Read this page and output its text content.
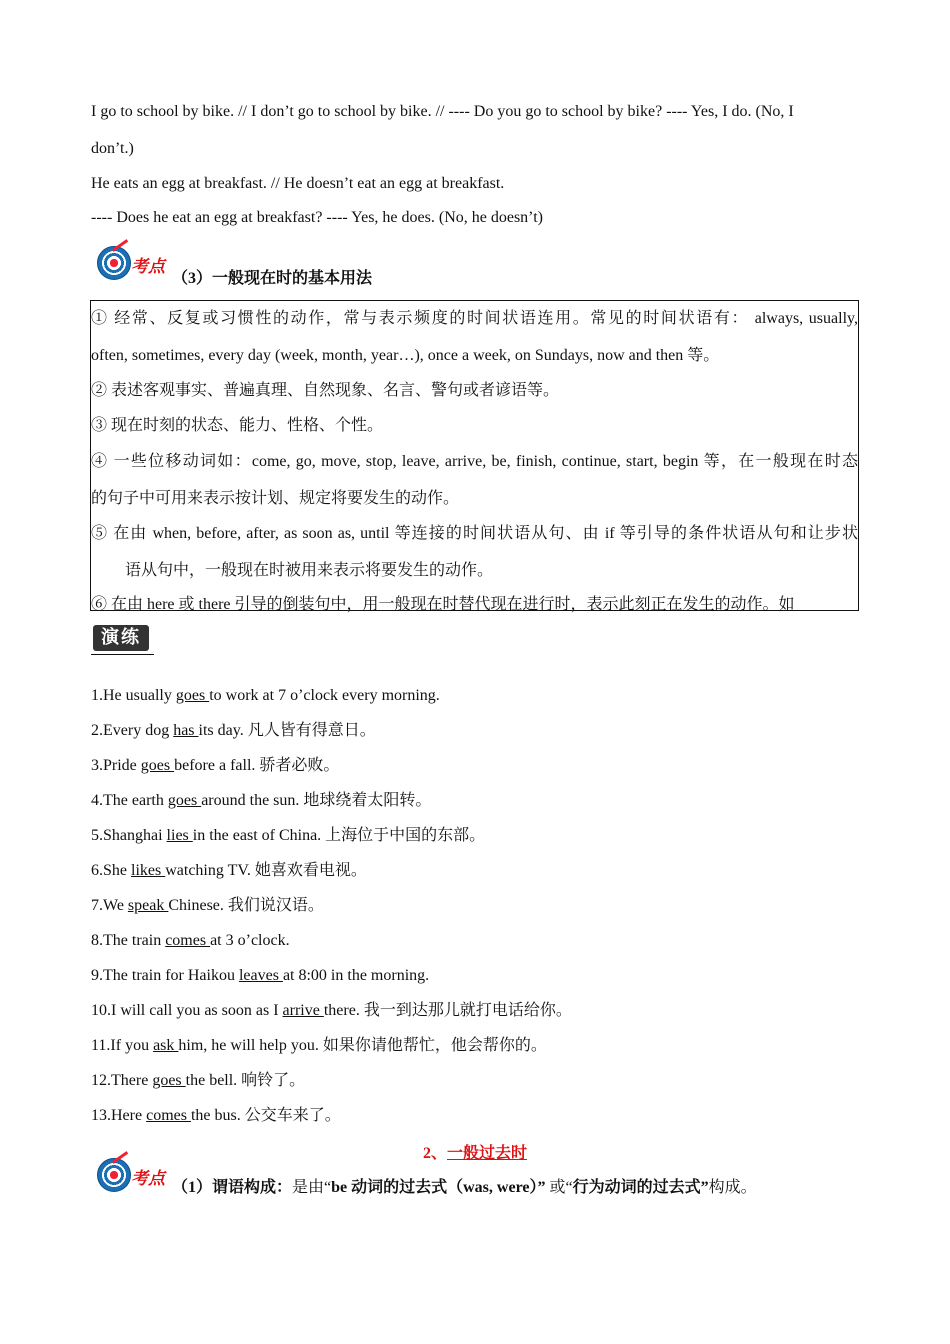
I go to school by bike. // I don’t go to school by bike. // ---- Do you go to school by bike? ---- Yes, I do. (No, I
don’t.)
He eats an egg at breakfast. // He doesn’t eat an egg at breakfast.
---- Does he eat an egg at breakfast? ---- Yes, he does. (No, he doesn’t)
考点
（3）一般现在时的基本用法
① 经常、反复或习惯性的动作，常与表示频度的时间状语连用。常见的时间状语有： always, usually,
often, sometimes, every day (week, month, year…), once a week, on Sundays, now and then 等。
② 表述客观事实、普遍真理、自然现象、名言、警句或者谚语等。
③ 现在时刻的状态、能力、性格、个性。
④ 一些位移动词如：come, go, move, stop, leave, arrive, be, finish, continue, start, begin 等，在一般现在时态
的句子中可用来表示按计划、规定将要发生的动作。
⑤ 在由 when, before, after, as soon as, until 等连接的时间状语从句、由 if 等引导的条件状语从句和让步状
语从句中，一般现在时被用来表示将要发生的动作。
⑥ 在由 here 或 there 引导的倒装句中，用一般现在时替代现在进行时，表示此刻正在发生的动作。如
演练
1.He usually goes to work at 7 o’clock every morning.
2.Every dog has its day. 凡人皆有得意日。
3.Pride goes before a fall. 骄者必败。
4.The earth goes around the sun. 地球绕着太阳转。
5.Shanghai lies in the east of China. 上海位于中国的东部。
6.She likes watching TV. 她喜欢看电视。
7.We speak Chinese. 我们说汉语。
8.The train comes at 3 o’clock.
9.The train for Haikou leaves at 8:00 in the morning.
10.I will call you as soon as I arrive there. 我一到达那儿就打电话给你。
11.If you ask him, he will help you. 如果你请他帮忙，他会帮你的。
12.There goes the bell. 响铃了。
13.Here comes the bus. 公交车来了。
2、一般过去时
考点 （1）谓语构成：是由“be 动词的过去式（was, were）” 或“行为动词的过去式”构成。
